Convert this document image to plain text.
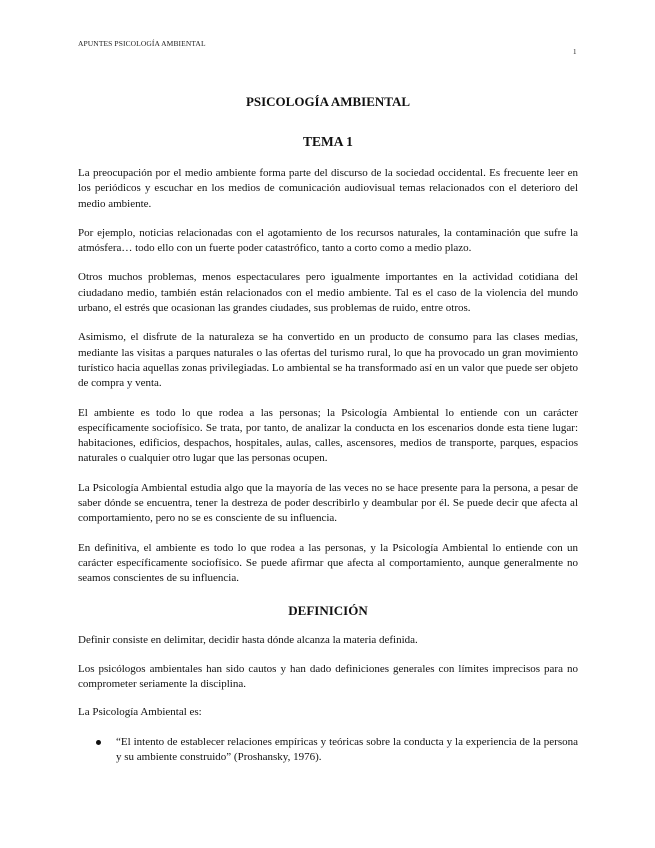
APUNTES PSICOLOGÍA AMBIENTAL
1
PSICOLOGÍA AMBIENTAL
TEMA 1

La preocupación por el medio ambiente forma parte del discurso de la sociedad occidental. Es frecuente leer en los periódicos y escuchar en los medios de comunicación audiovisual temas relacionados con el deterioro del medio ambiente.

Por ejemplo, noticias relacionadas con el agotamiento de los recursos naturales, la contaminación que sufre la atmósfera… todo ello con un fuerte poder catastrófico, tanto a corto como a medio plazo.

Otros muchos problemas, menos espectaculares pero igualmente importantes en la actividad cotidiana del ciudadano medio, también están relacionados con el medio ambiente. Tal es el caso de la violencia del mundo urbano, el estrés que ocasionan las grandes ciudades, sus problemas de ruido, entre otros.

Asimismo, el disfrute de la naturaleza se ha convertido en un producto de consumo para las clases medias, mediante las visitas a parques naturales o las ofertas del turismo rural, lo que ha provocado un gran movimiento turístico hacia aquellas zonas privilegiadas. Lo ambiental se ha transformado así en un valor que puede ser objeto de compra y venta.

El ambiente es todo lo que rodea a las personas; la Psicología Ambiental lo entiende con un carácter específicamente sociofísico. Se trata, por tanto, de analizar la conducta en los escenarios donde esta tiene lugar: habitaciones, edificios, despachos, hospitales, aulas, calles, ascensores, medios de transporte, parques, espacios naturales o cualquier otro lugar que las personas ocupen.

La Psicología Ambiental estudia algo que la mayoría de las veces no se hace presente para la persona, a pesar de saber dónde se encuentra, tener la destreza de poder describirlo y deambular por él. Se puede decir que afecta al comportamiento, pero no se es consciente de su influencia.

En definitiva, el ambiente es todo lo que rodea a las personas, y la Psicología Ambiental lo entiende con un carácter específicamente sociofísico. Se puede afirmar que afecta al comportamiento, aunque generalmente no seamos conscientes de su influencia.

DEFINICIÓN

Definir consiste en delimitar, decidir hasta dónde alcanza la materia definida.

Los psicólogos ambientales han sido cautos y han dado definiciones generales con límites imprecisos para no comprometer seriamente la disciplina.

La Psicología Ambiental es:

“El intento de establecer relaciones empíricas y teóricas sobre la conducta y la experiencia de la persona y su ambiente construido” (Proshansky, 1976).
